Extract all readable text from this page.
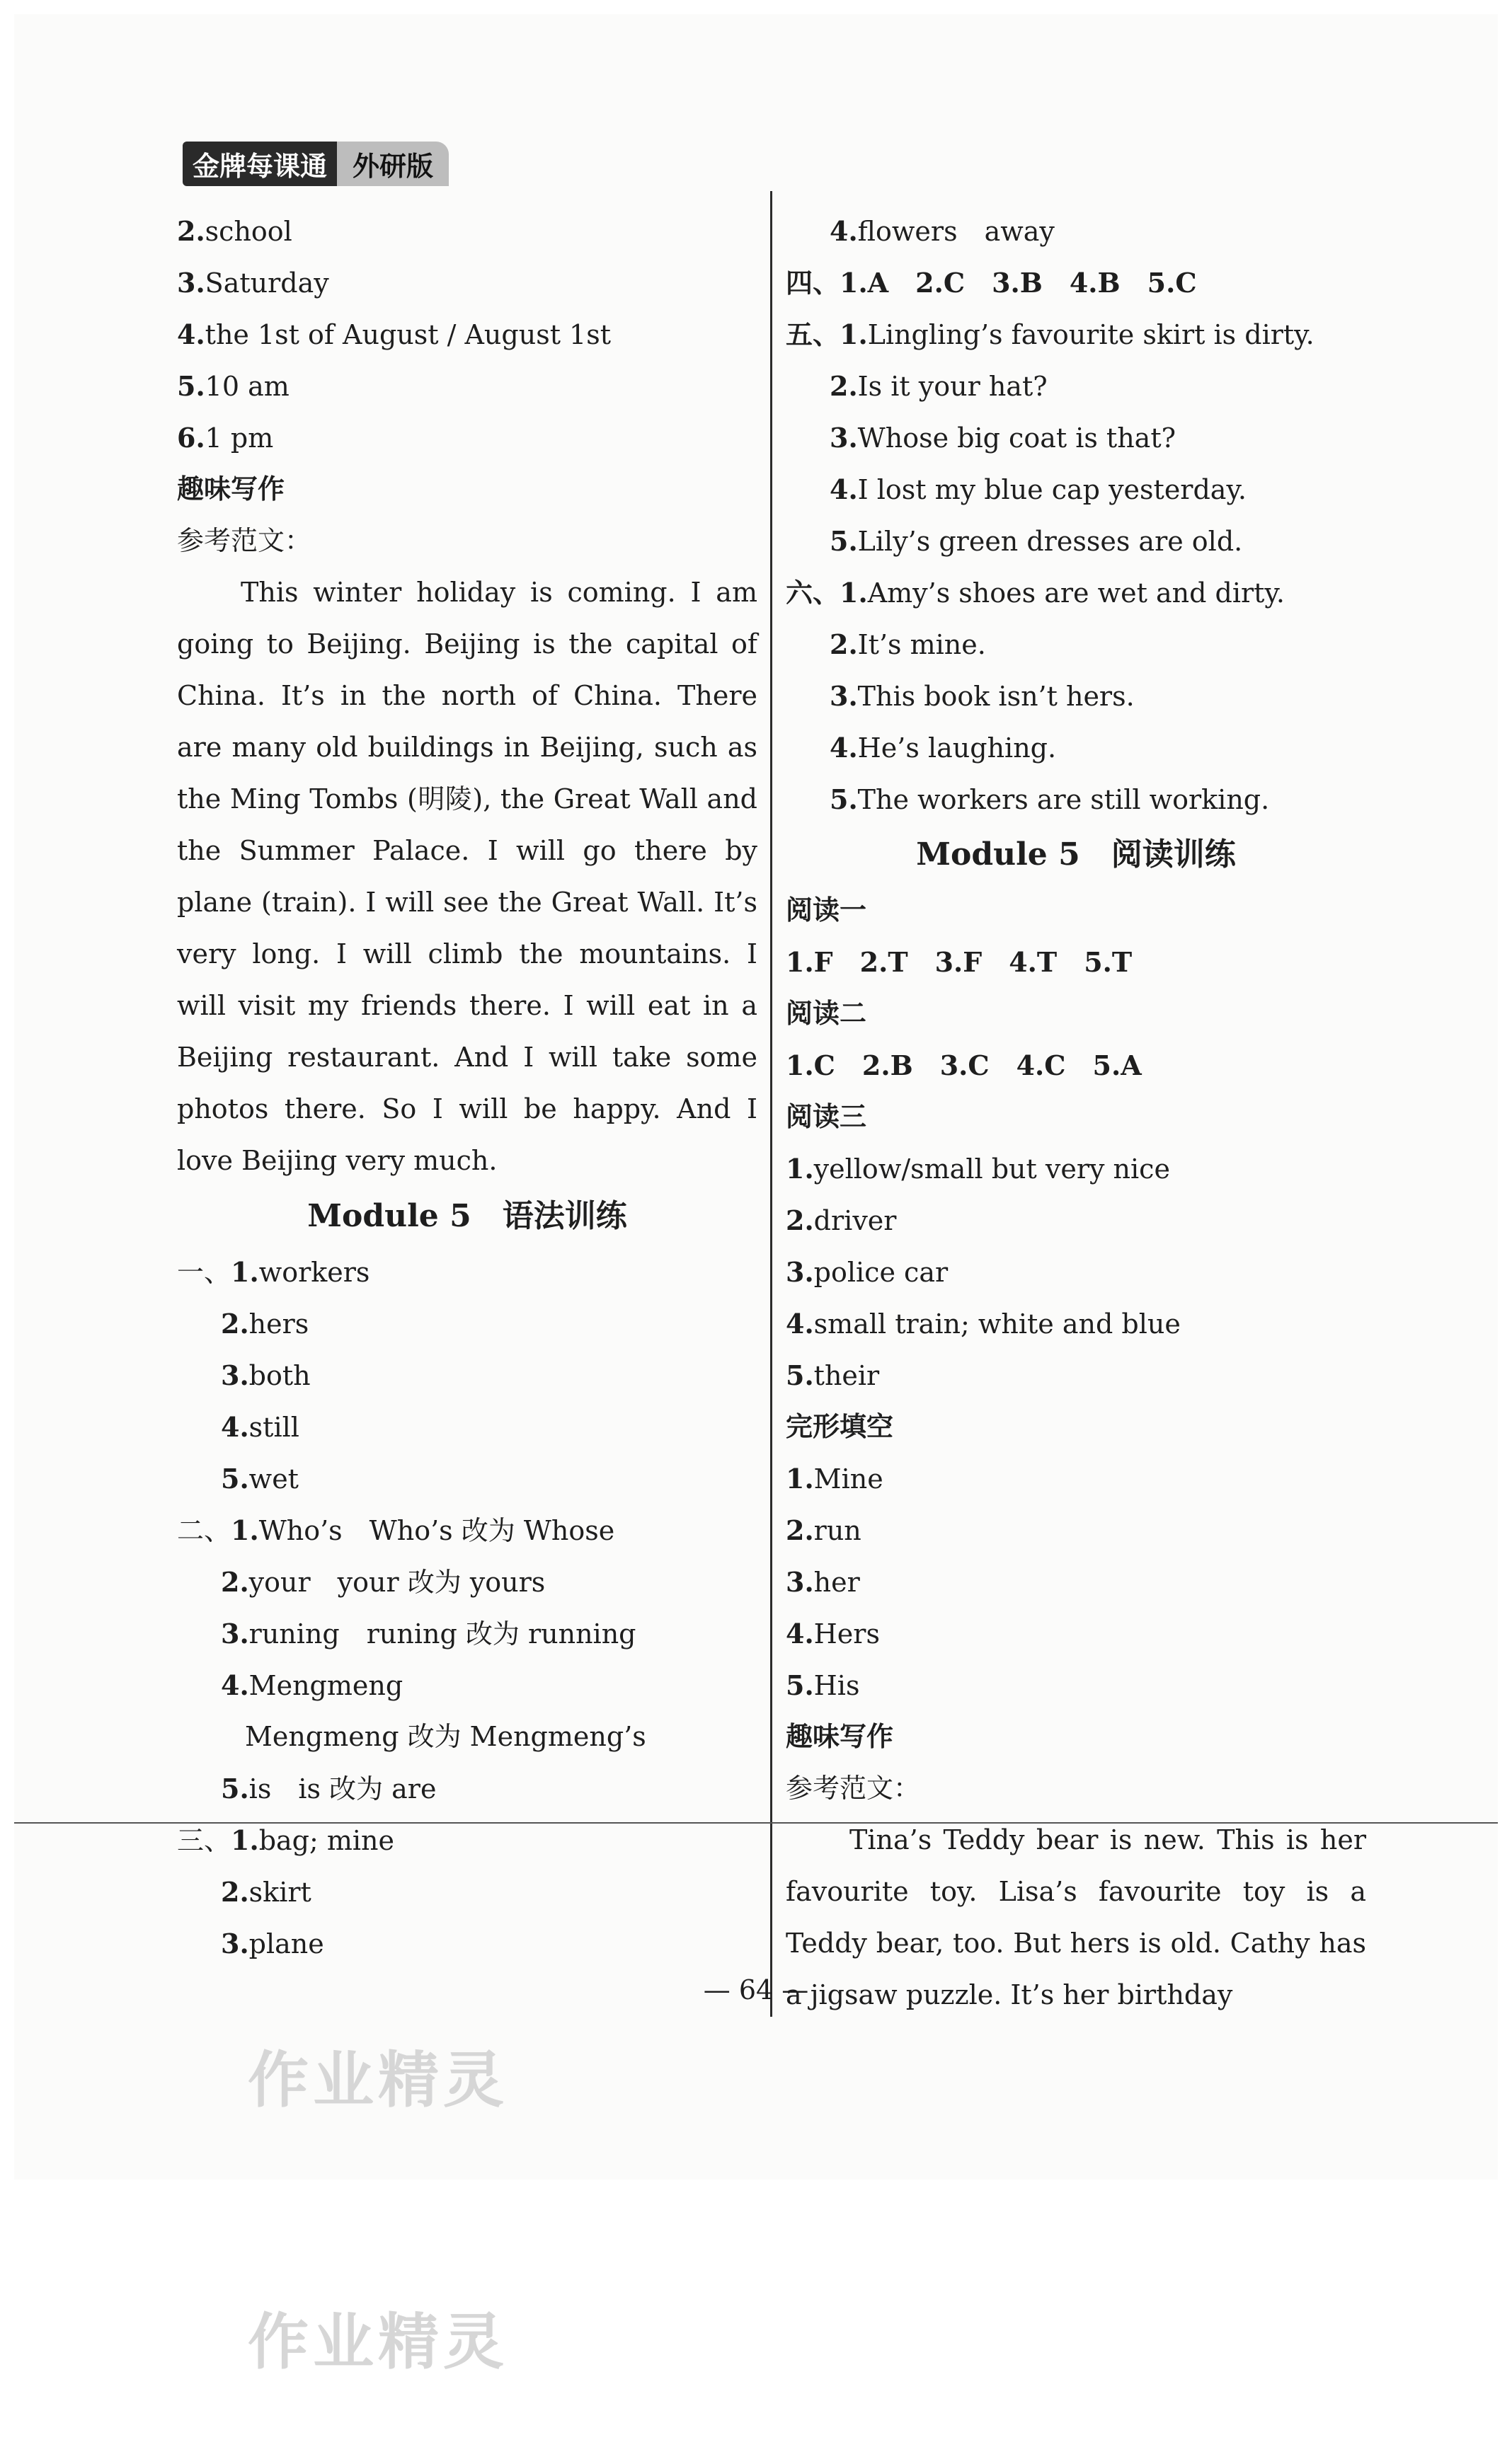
金牌每课通 外研版
2.school
3.Saturday
4.the 1st of August / August 1st
5.10 am
6.1 pm
趣味写作
参考范文：
This winter holiday is coming. I am going to Beijing. Beijing is the capital of China. It’s in the north of China. There are many old buildings in Beijing, such as the Ming Tombs (明陵), the Great Wall and the Summer Palace. I will go there by plane (train). I will see the Great Wall. It’s very long. I will climb the mountains. I will visit my friends there. I will eat in a Beijing restaurant. And I will take some photos there. So I will be happy. And I love Beijing very much.
Module 5　语法训练
一、1.workers
2.hers
3.both
4.still
5.wet
二、1.Who’s　Who’s 改为 Whose
2.your　your 改为 yours
3.runing　runing 改为 running
4.Mengmeng
Mengmeng 改为 Mengmeng’s
5.is　is 改为 are
三、1.bag; mine
2.skirt
3.plane
4.flowers　away
四、1.A　2.C　3.B　4.B　5.C
五、1.Lingling’s favourite skirt is dirty.
2.Is it your hat?
3.Whose big coat is that?
4.I lost my blue cap yesterday.
5.Lily’s green dresses are old.
六、1.Amy’s shoes are wet and dirty.
2.It’s mine.
3.This book isn’t hers.
4.He’s laughing.
5.The workers are still working.
Module 5　阅读训练
阅读一
1.F　2.T　3.F　4.T　5.T
阅读二
1.C　2.B　3.C　4.C　5.A
阅读三
1.yellow/small but very nice
2.driver
3.police car
4.small train; white and blue
5.their
完形填空
1.Mine
2.run
3.her
4.Hers
5.His
趣味写作
参考范文：
Tina’s Teddy bear is new. This is her favourite toy. Lisa’s favourite toy is a Teddy bear, too. But hers is old. Cathy has a jigsaw puzzle. It’s her birthday
— 64 —
作业精灵
作业精灵
